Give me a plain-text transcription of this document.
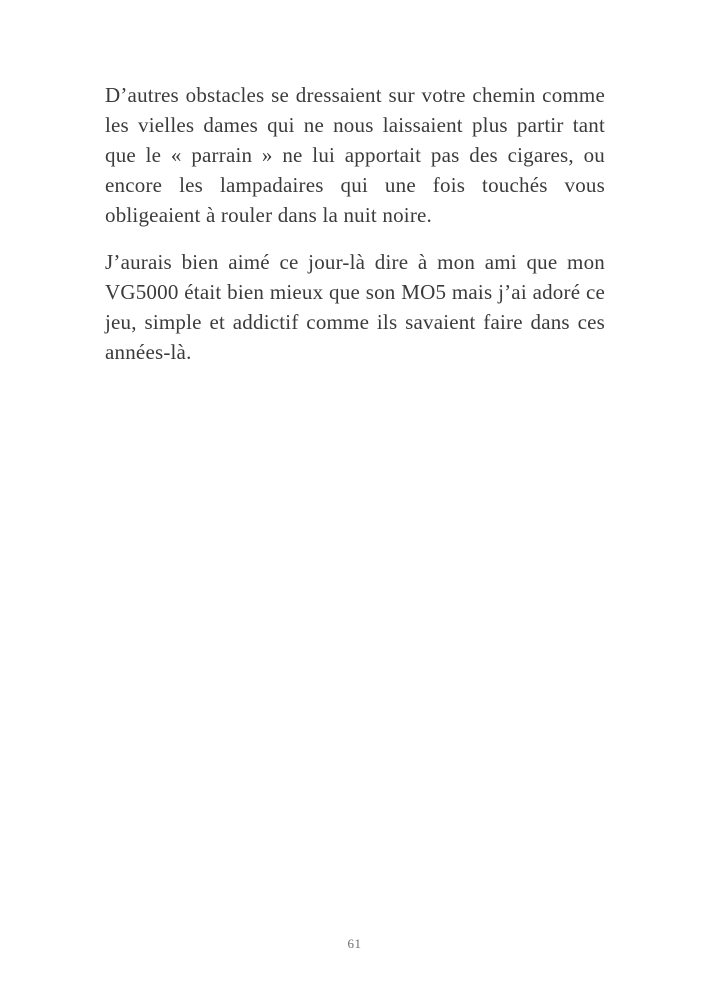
D’autres obstacles se dressaient sur votre chemin comme les vielles dames qui ne nous laissaient plus partir tant que le « parrain » ne lui apportait pas des cigares, ou encore les lampadaires qui une fois touchés vous obligeaient à rouler dans la nuit noire.

J’aurais bien aimé ce jour-là dire à mon ami que mon VG5000 était bien mieux que son MO5 mais j’ai adoré ce jeu, simple et addictif comme ils savaient faire dans ces années-là.

61
